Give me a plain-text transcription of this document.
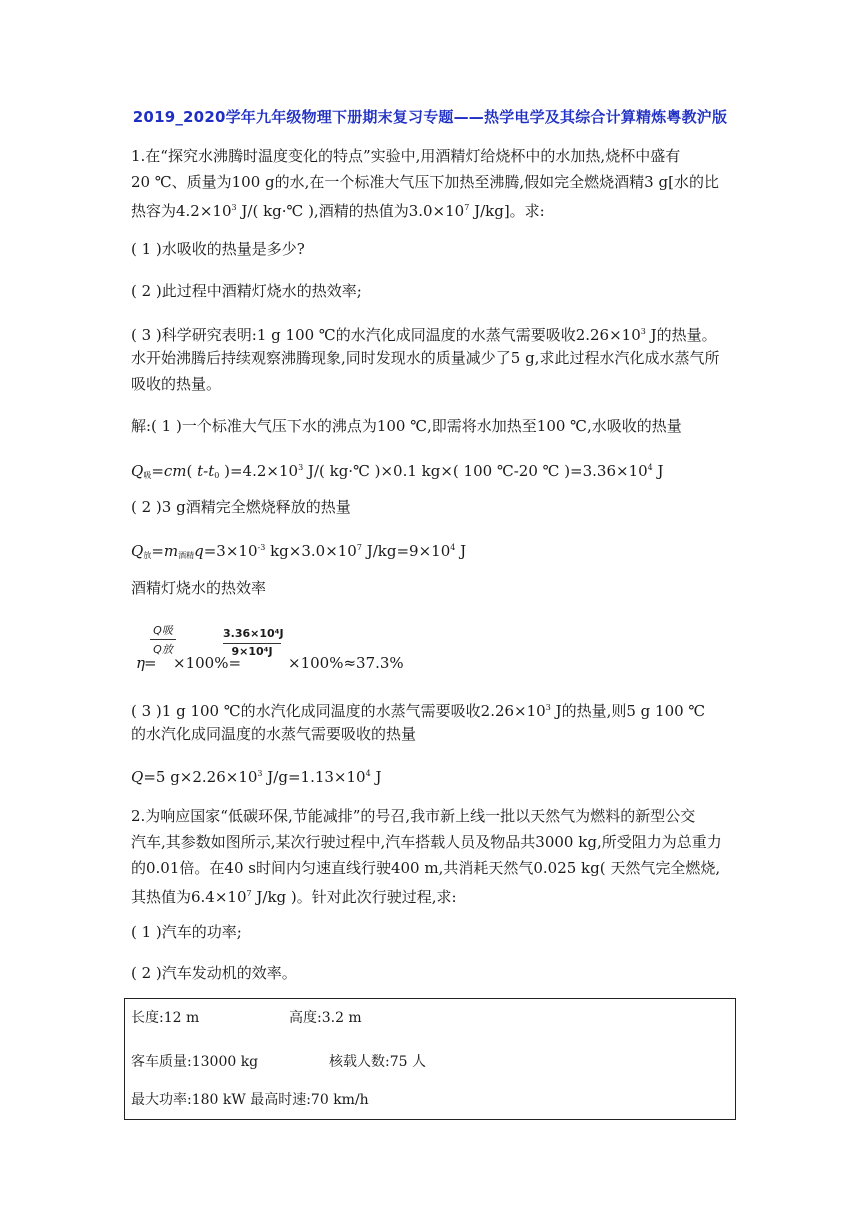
2019_2020学年九年级物理下册期末复习专题——热学电学及其综合计算精炼粤教沪版
1.在“探究水沸腾时温度变化的特点”实验中,用酒精灯给烧杯中的水加热,烧杯中盛有
20 ℃、质量为100 g的水,在一个标准大气压下加热至沸腾,假如完全燃烧酒精3 g[水的比
热容为$4.2\times 10^3$ J/( kg·℃ ),酒精的热值为$3.0\times 10^7$ J/kg]。求:
( 1 )水吸收的热量是多少?
( 2 )此过程中酒精灯烧水的热效率;
( 3 )科学研究表明:1 g 100 ℃的水汽化成同温度的水蒸气需要吸收$2.26\times 10^3$ J的热量。
水开始沸腾后持续观察沸腾现象,同时发现水的质量减少了5 g,求此过程水汽化成水蒸气所
吸收的热量。
解:( 1 )一个标准大气压下水的沸点为100 ℃,即需将水加热至100 ℃,水吸收的热量
$Q_吸=cm$( $t-t_0$ )$=4.2\times 10^3$ J/( kg·℃ )×0.1 kg×( 100 ℃-20 ℃ )$=3.36\times 10^4$ J
( 2 )3 g酒精完全燃烧释放的热量
$Q_放=m_{酒精}q=3\times 10^{-3}$ $kg\times 3.0\times 10^7$ $J/kg=9\times 10^4$ J
酒精灯烧水的热效率
η =
Q吸
Q放
×100%=
3.36×10⁴J
9×10⁴J
×100%≈37.3%
( 3 )1 g 100 ℃的水汽化成同温度的水蒸气需要吸收$2.26\times 10^3$ J的热量,则5 g 100 ℃
的水汽化成同温度的水蒸气需要吸收的热量
Q=5 $g\times 2.26\times 10^3$ $J/g=1.13\times 10^4$ J
2.为响应国家“低碳环保,节能减排”的号召,我市新上线一批以天然气为燃料的新型公交
汽车,其参数如图所示,某次行驶过程中,汽车搭载人员及物品共3000 kg,所受阻力为总重力
的0.01倍。在40 s时间内匀速直线行驶400 m,共消耗天然气0.025 kg( 天然气完全燃烧,
其热值为$6.4\times 10^7$ J/kg )。针对此次行驶过程,求:
( 1 )汽车的功率;
( 2 )汽车发动机的效率。
长度:12 m	高度:3.2 m
客车质量:13000 kg	核载人数:75 人
最大功率:180 kW 最高时速:70 km/h
